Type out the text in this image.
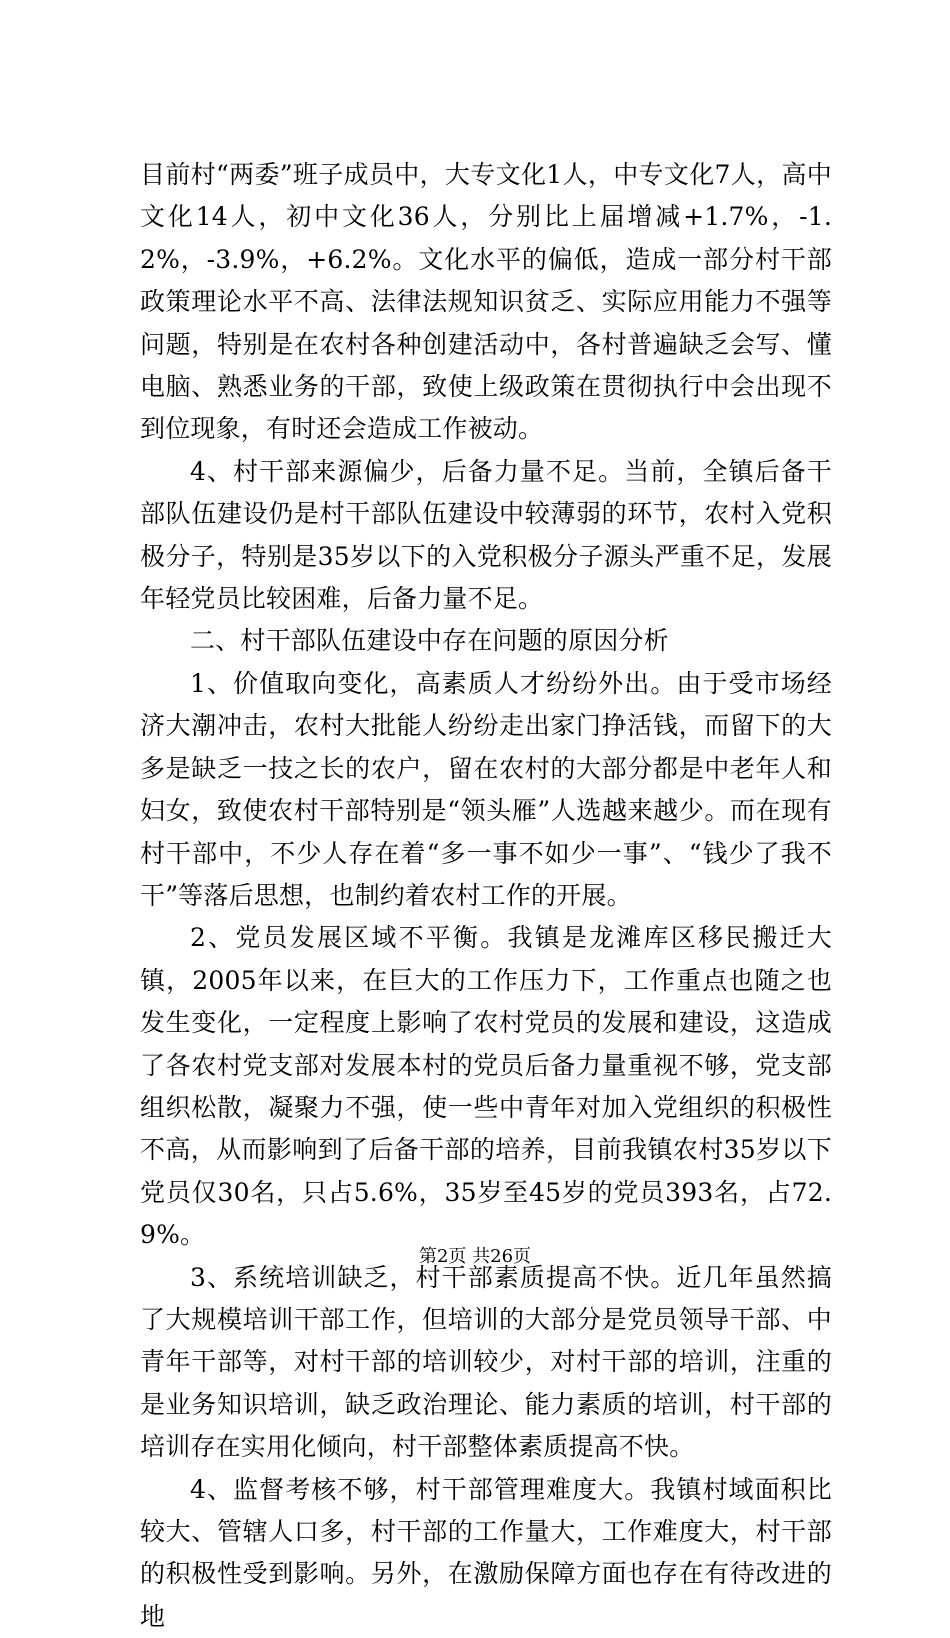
目前村“两委”班子成员中，大专文化1人，中专文化7人，高中文化14人，初中文化36人，分别比上届增减+1.7%，-1.2%，-3.9%，+6.2%。文化水平的偏低，造成一部分村干部政策理论水平不高、法律法规知识贫乏、实际应用能力不强等问题，特别是在农村各种创建活动中，各村普遍缺乏会写、懂电脑、熟悉业务的干部，致使上级政策在贯彻执行中会出现不到位现象，有时还会造成工作被动。

4、村干部来源偏少，后备力量不足。当前，全镇后备干部队伍建设仍是村干部队伍建设中较薄弱的环节，农村入党积极分子，特别是35岁以下的入党积极分子源头严重不足，发展年轻党员比较困难，后备力量不足。

二、村干部队伍建设中存在问题的原因分析

1、价值取向变化，高素质人才纷纷外出。由于受市场经济大潮冲击，农村大批能人纷纷走出家门挣活钱，而留下的大多是缺乏一技之长的农户，留在农村的大部分都是中老年人和妇女，致使农村干部特别是“领头雁”人选越来越少。而在现有村干部中，不少人存在着“多一事不如少一事”、“钱少了我不干”等落后思想，也制约着农村工作的开展。

2、党员发展区域不平衡。我镇是龙滩库区移民搬迁大镇，2005年以来，在巨大的工作压力下，工作重点也随之也发生变化，一定程度上影响了农村党员的发展和建设，这造成了各农村党支部对发展本村的党员后备力量重视不够，党支部组织松散，凝聚力不强，使一些中青年对加入党组织的积极性不高，从而影响到了后备干部的培养，目前我镇农村35岁以下党员仅30名，只占5.6%，35岁至45岁的党员393名，占72.9%。

3、系统培训缺乏，村干部素质提高不快。近几年虽然搞了大规模培训干部工作，但培训的大部分是党员领导干部、中青年干部等，对村干部的培训较少，对村干部的培训，注重的是业务知识培训，缺乏政治理论、能力素质的培训，村干部的培训存在实用化倾向，村干部整体素质提高不快。

4、监督考核不够，村干部管理难度大。我镇村域面积比较大、管辖人口多，村干部的工作量大，工作难度大，村干部的积极性受到影响。另外，在激励保障方面也存在有待改进的地

第2页 共26页
